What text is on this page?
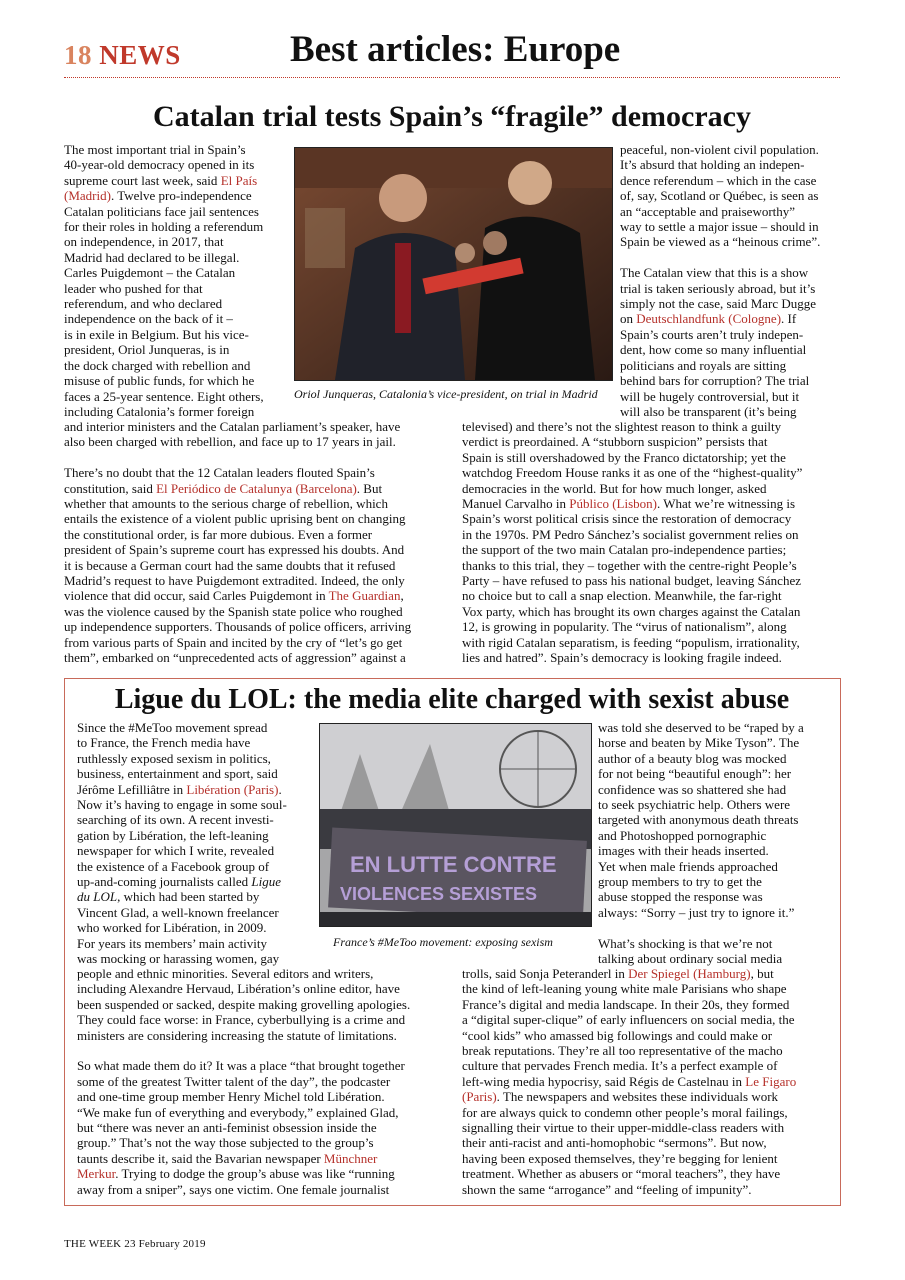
18 NEWS	Best articles: Europe
Catalan trial tests Spain’s “fragile” democracy
The most important trial in Spain’s
40-year-old democracy opened in its
supreme court last week, said El País
(Madrid). Twelve pro-independence
Catalan politicians face jail sentences
for their roles in holding a referendum
on independence, in 2017, that
Madrid had declared to be illegal.
Carles Puigdemont – the Catalan
leader who pushed for that
referendum, and who declared
independence on the back of it –
is in exile in Belgium. But his vice-
president, Oriol Junqueras, is in
the dock charged with rebellion and
misuse of public funds, for which he
faces a 25-year sentence. Eight others,
including Catalonia’s former foreign
Oriol Junqueras, Catalonia’s vice-president, on trial in Madrid
peaceful, non-violent civil population.
It’s absurd that holding an indepen-
dence referendum – which in the case
of, say, Scotland or Québec, is seen as
an “acceptable and praiseworthy”
way to settle a major issue – should in
Spain be viewed as a “heinous crime”.

The Catalan view that this is a show
trial is taken seriously abroad, but it’s
simply not the case, said Marc Dugge
on Deutschlandfunk (Cologne). If
Spain’s courts aren’t truly indepen-
dent, how come so many influential
politicians and royals are sitting
behind bars for corruption? The trial
will be hugely controversial, but it
will also be transparent (it’s being
and interior ministers and the Catalan parliament’s speaker, have
also been charged with rebellion, and face up to 17 years in jail.

There’s no doubt that the 12 Catalan leaders flouted Spain’s
constitution, said El Periódico de Catalunya (Barcelona). But
whether that amounts to the serious charge of rebellion, which
entails the existence of a violent public uprising bent on changing
the constitutional order, is far more dubious. Even a former
president of Spain’s supreme court has expressed his doubts. And
it is because a German court had the same doubts that it refused
Madrid’s request to have Puigdemont extradited. Indeed, the only
violence that did occur, said Carles Puigdemont in The Guardian,
was the violence caused by the Spanish state police who roughed
up independence supporters. Thousands of police officers, arriving
from various parts of Spain and incited by the cry of “let’s go get
them”, embarked on “unprecedented acts of aggression” against a
televised) and there’s not the slightest reason to think a guilty
verdict is preordained. A “stubborn suspicion” persists that
Spain is still overshadowed by the Franco dictatorship; yet the
watchdog Freedom House ranks it as one of the “highest-quality”
democracies in the world. But for how much longer, asked
Manuel Carvalho in Público (Lisbon). What we’re witnessing is
Spain’s worst political crisis since the restoration of democracy
in the 1970s. PM Pedro Sánchez’s socialist government relies on
the support of the two main Catalan pro-independence parties;
thanks to this trial, they – together with the centre-right People’s
Party – have refused to pass his national budget, leaving Sánchez
no choice but to call a snap election. Meanwhile, the far-right
Vox party, which has brought its own charges against the Catalan
12, is growing in popularity. The “virus of nationalism”, along
with rigid Catalan separatism, is feeding “populism, irrationality,
lies and hatred”. Spain’s democracy is looking fragile indeed.
Ligue du LOL: the media elite charged with sexist abuse
Since the #MeToo movement spread
to France, the French media have
ruthlessly exposed sexism in politics,
business, entertainment and sport, said
Jérôme Lefilliâtre in Libération (Paris).
Now it’s having to engage in some soul-
searching of its own. A recent investi-
gation by Libération, the left-leaning
newspaper for which I write, revealed
the existence of a Facebook group of
up-and-coming journalists called Ligue
du LOL, which had been started by
Vincent Glad, a well-known freelancer
who worked for Libération, in 2009.
For years its members’ main activity
was mocking or harassing women, gay
EN LUTTE CONTRE
VIOLENCES SEXISTES
France’s #MeToo movement: exposing sexism
was told she deserved to be “raped by a
horse and beaten by Mike Tyson”. The
author of a beauty blog was mocked
for not being “beautiful enough”: her
confidence was so shattered she had
to seek psychiatric help. Others were
targeted with anonymous death threats
and Photoshopped pornographic
images with their heads inserted.
Yet when male friends approached
group members to try to get the
abuse stopped the response was
always: “Sorry – just try to ignore it.”

What’s shocking is that we’re not
talking about ordinary social media
people and ethnic minorities. Several editors and writers,
including Alexandre Hervaud, Libération’s online editor, have
been suspended or sacked, despite making grovelling apologies.
They could face worse: in France, cyberbullying is a crime and
ministers are considering increasing the statute of limitations.

So what made them do it? It was a place “that brought together
some of the greatest Twitter talent of the day”, the podcaster
and one-time group member Henry Michel told Libération.
“We make fun of everything and everybody,” explained Glad,
but “there was never an anti-feminist obsession inside the
group.” That’s not the way those subjected to the group’s
taunts describe it, said the Bavarian newspaper Münchner
Merkur. Trying to dodge the group’s abuse was like “running
away from a sniper”, says one victim. One female journalist
trolls, said Sonja Peteranderl in Der Spiegel (Hamburg), but
the kind of left-leaning young white male Parisians who shape
France’s digital and media landscape. In their 20s, they formed
a “digital super-clique” of early influencers on social media, the
“cool kids” who amassed big followings and could make or
break reputations. They’re all too representative of the macho
culture that pervades French media. It’s a perfect example of
left-wing media hypocrisy, said Régis de Castelnau in Le Figaro
(Paris). The newspapers and websites these individuals work
for are always quick to condemn other people’s moral failings,
signalling their virtue to their upper-middle-class readers with
their anti-racist and anti-homophobic “sermons”. But now,
having been exposed themselves, they’re begging for lenient
treatment. Whether as abusers or “moral teachers”, they have
shown the same “arrogance” and “feeling of impunity”.
THE WEEK 23 February 2019
